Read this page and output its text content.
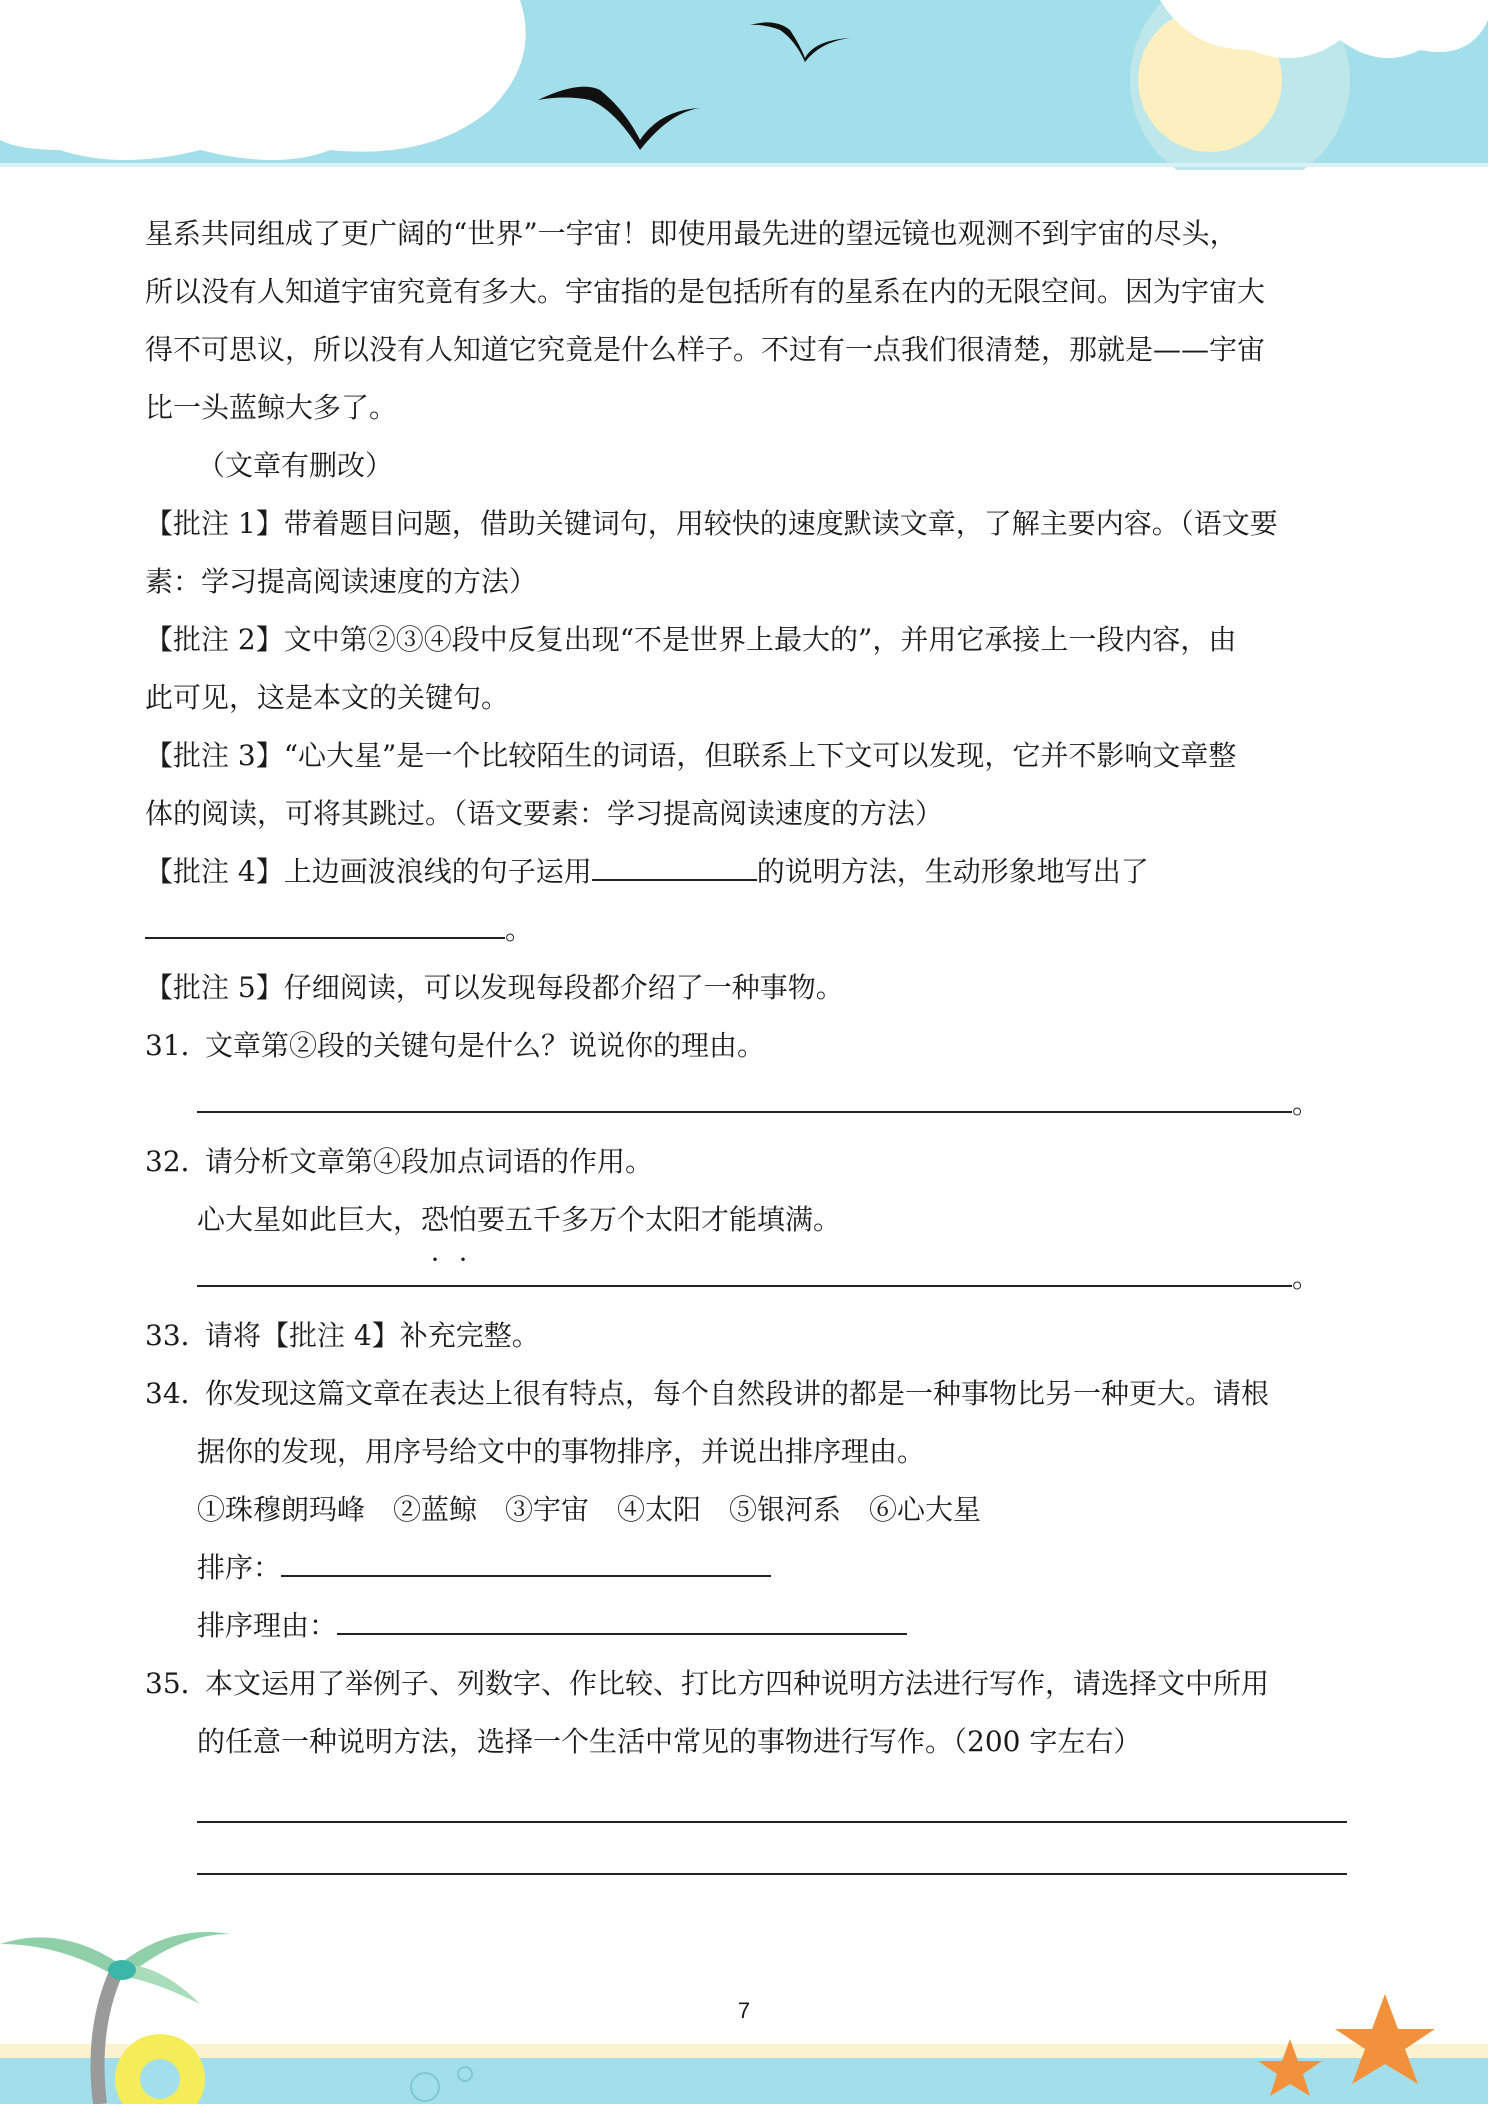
星系共同组成了更广阔的“世界”一宇宙！即使用最先进的望远镜也观测不到宇宙的尽头，
所以没有人知道宇宙究竟有多大。宇宙指的是包括所有的星系在内的无限空间。因为宇宙大
得不可思议，所以没有人知道它究竟是什么样子。不过有一点我们很清楚，那就是——宇宙
比一头蓝鲸大多了。
（文章有删改）
【批注 1】带着题目问题，借助关键词句，用较快的速度默读文章，了解主要内容。（语文要
素：学习提高阅读速度的方法）
【批注 2】文中第②③④段中反复出现“不是世界上最大的”，并用它承接上一段内容，由
此可见，这是本文的关键句。
【批注 3】“心大星”是一个比较陌生的词语，但联系上下文可以发现，它并不影响文章整
体的阅读，可将其跳过。（语文要素：学习提高阅读速度的方法）
【批注 4】上边画波浪线的句子运用	的说明方法，生动形象地写出了
。
【批注 5】仔细阅读，可以发现每段都介绍了一种事物。
31．文章第②段的关键句是什么？说说你的理由。
。
32．请分析文章第④段加点词语的作用。
心大星如此巨大，恐怕要五千多万个太阳才能填满。
。
33．请将【批注 4】补充完整。
34．你发现这篇文章在表达上很有特点，每个自然段讲的都是一种事物比另一种更大。请根
据你的发现，用序号给文中的事物排序，并说出排序理由。
①珠穆朗玛峰　②蓝鲸　③宇宙　④太阳　⑤银河系　⑥心大星
排序：
排序理由：
35．本文运用了举例子、列数字、作比较、打比方四种说明方法进行写作，请选择文中所用
的任意一种说明方法，选择一个生活中常见的事物进行写作。（200 字左右）
7
